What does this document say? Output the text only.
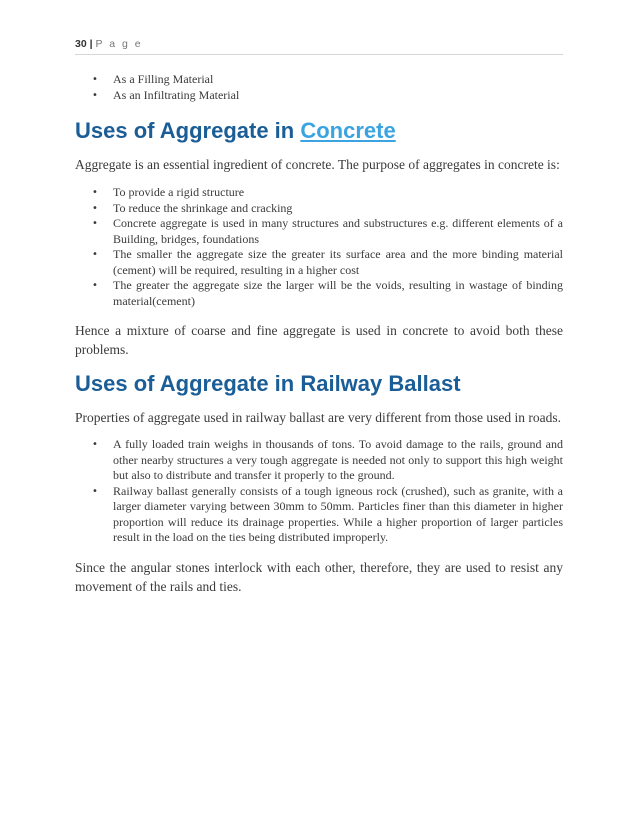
30 | P a g e
• As a Filling Material
• As an Infiltrating Material
Uses of Aggregate in Concrete

Aggregate is an essential ingredient of concrete. The purpose of aggregates in concrete is:

• To provide a rigid structure
• To reduce the shrinkage and cracking
• Concrete aggregate is used in many structures and substructures e.g. different elements of a Building, bridges, foundations
• The smaller the aggregate size the greater its surface area and the more binding material (cement) will be required, resulting in a higher cost
• The greater the aggregate size the larger will be the voids, resulting in wastage of binding material(cement)

Hence a mixture of coarse and fine aggregate is used in concrete to avoid both these problems.

Uses of Aggregate in Railway Ballast

Properties of aggregate used in railway ballast are very different from those used in roads.

• A fully loaded train weighs in thousands of tons. To avoid damage to the rails, ground and other nearby structures a very tough aggregate is needed not only to support this high weight but also to distribute and transfer it properly to the ground.
• Railway ballast generally consists of a tough igneous rock (crushed), such as granite, with a larger diameter varying between 30mm to 50mm. Particles finer than this diameter in higher proportion will reduce its drainage properties. While a higher proportion of larger particles result in the load on the ties being distributed improperly.

Since the angular stones interlock with each other, therefore, they are used to resist any movement of the rails and ties.
